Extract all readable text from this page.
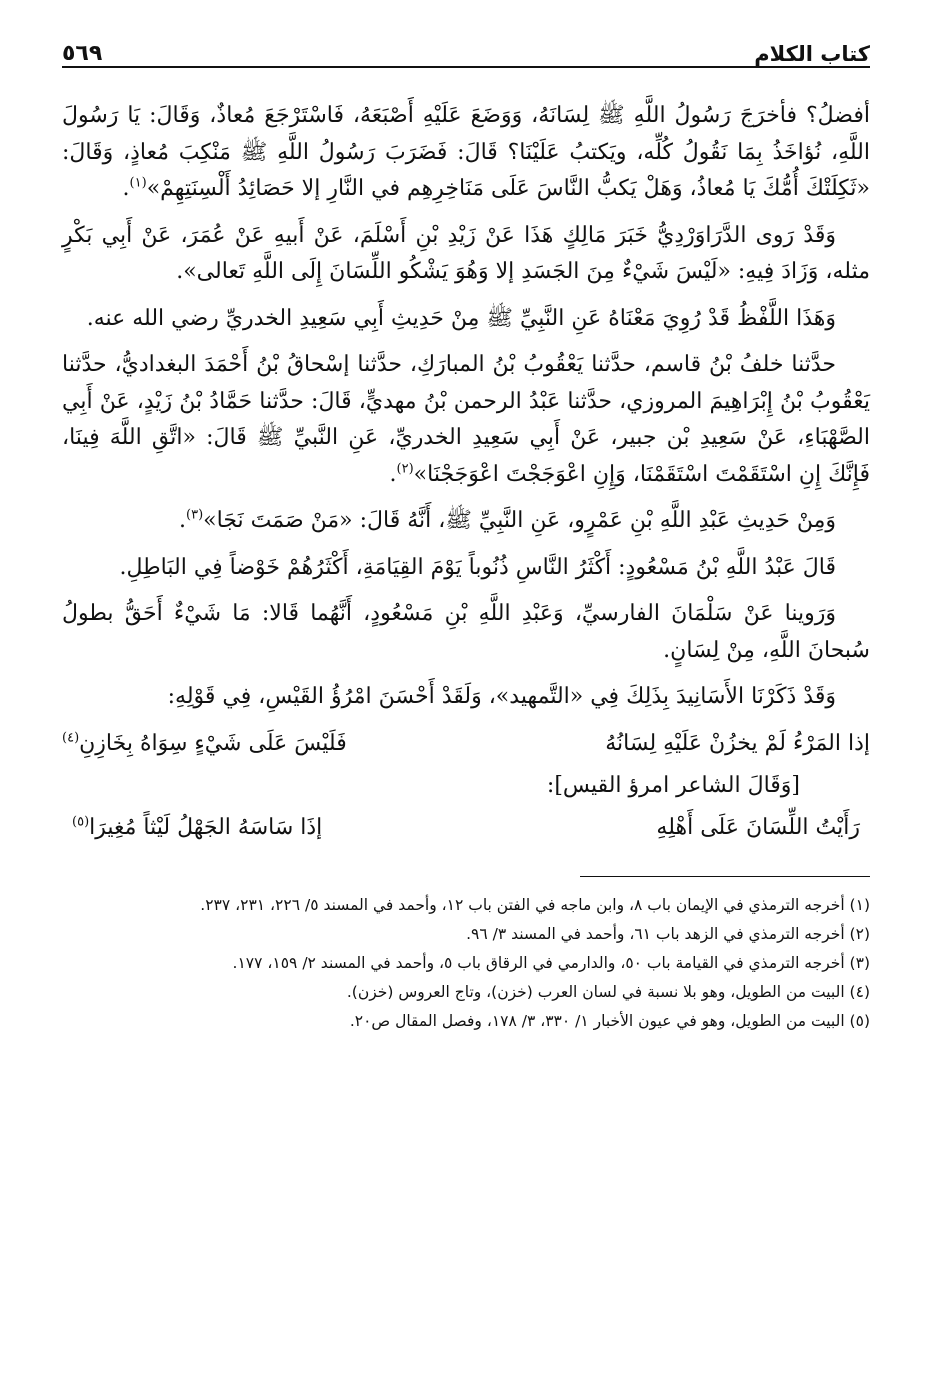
كتاب الكلام
٥٦٩

أفضلُ؟ فأخرَجَ رَسُولُ اللَّهِ ﷺ لِسَانَهُ، وَوَضَعَ عَلَيْهِ أَصْبَعَهُ، فَاسْتَرْجَعَ مُعاذٌ، وَقَالَ: يَا رَسُولَ اللَّهِ، نُؤاخَذُ بِمَا نَقُولُ كُلِّه، ويَكتبُ عَلَيْنَا؟ قَالَ: فَضَرَبَ رَسُولُ اللَّهِ ﷺ مَنْكِبَ مُعاذٍ، وَقَالَ: «ثَكِلَتْكَ أُمُّكَ يَا مُعاذُ، وَهَلْ يَكبُّ النَّاسَ عَلَى مَنَاخِرِهِم في النَّارِ إلا حَصَائِدُ أَلْسِنَتِهِمْ»$^{(١)}$.

وَقَدْ رَوى الدَّرَاوَرْدِيُّ خَبَرَ مَالِكٍ هَذَا عَنْ زَيْدِ بْنِ أَسْلَمَ، عَنْ أَبيهِ عَنْ عُمَرَ، عَنْ أَبِي بَكْرٍ مثله، وَزَادَ فِيهِ: «لَيْسَ شَيْءٌ مِنَ الجَسَدِ إلا وَهُوَ يَشْكُو اللِّسَانَ إِلَى اللَّهِ تَعالى».

وَهَذَا اللَّفْظُ قَدْ رُوِيَ مَعْنَاهُ عَنِ النَّبِيِّ ﷺ مِنْ حَدِيثِ أَبِي سَعِيدِ الخدريِّ رضي الله عنه.

حدَّثنا خلفُ بْنُ قاسم، حدَّثنا يَعْقُوبُ بْنُ المبارَكِ، حدَّثنا إسْحاقُ بْنُ أَحْمَدَ البغداديُّ، حدَّثنا يَعْقُوبُ بْنُ إِبْرَاهِيمَ المروزي، حدَّثنا عَبْدُ الرحمن بْنُ مهديٍّ، قَالَ: حدَّثنا حَمَّادُ بْنُ زَيْدٍ، عَنْ أَبِي الصَّهْبَاءِ، عَنْ سَعِيدِ بْن جبير، عَنْ أَبِي سَعِيدِ الخدريِّ، عَنِ النَّبيِّ ﷺ قَالَ: «اتَّقِ اللَّهَ فِينَا، فَإِنَّكَ إِنِ اسْتَقَمْتَ اسْتَقَمْنَا، وَإِنِ اعْوَجَجْتَ اعْوَجَجْنَا»$^{(٢)}$.

وَمِنْ حَدِيثِ عَبْدِ اللَّهِ بْنِ عَمْرٍو، عَنِ النَّبِيِّ ﷺ، أَنَّهُ قَالَ: «مَنْ صَمَتَ نَجَا»$^{(٣)}$.

قَالَ عَبْدُ اللَّهِ بْنُ مَسْعُودٍ: أَكْثَرُ النَّاسِ ذُنُوباً يَوْمَ القِيَامَةِ، أَكْثَرُهُمْ خَوْضاً فِي البَاطِلِ.

وَرَوينا عَنْ سَلْمَانَ الفارسيِّ، وَعَبْدِ اللَّهِ بْنِ مَسْعُودٍ، أَنَّهُما قَالا: مَا شَيْءٌ أَحَقُّ بطولُ سُبحانَ اللَّهِ، مِنْ لِسَانٍ.

وَقَدْ ذَكَرْنَا الأَسَانِيدَ بِذَلِكَ فِي «التَّمهيد»، وَلَقَدْ أَحْسَنَ امْرُؤُ القَيْسِ، فِي قَوْلِهِ:

إذا المَرْءُ لَمْ يخزُنْ عَلَيْهِ لِسَانُهُ
فَلَيْسَ عَلَى شَيْءٍ سِوَاهُ بِخَازِنِ$^{(٤)}$
[وَقَالَ الشاعر امرؤ القيس]:
رَأَيْتُ اللِّسَانَ عَلَى أَهْلِهِ
إذَا سَاسَهُ الجَهْلُ لَيْثاً مُغِيرَا$^{(٥)}$

(١) أخرجه الترمذي في الإيمان باب ٨، وابن ماجه في الفتن باب ١٢، وأحمد في المسند ٥/ ٢٢٦، ٢٣١، ٢٣٧.

(٢) أخرجه الترمذي في الزهد باب ٦١، وأحمد في المسند ٣/ ٩٦.

(٣) أخرجه الترمذي في القيامة باب ٥٠، والدارمي في الرقاق باب ٥، وأحمد في المسند ٢/ ١٥٩، ١٧٧.

(٤) البيت من الطويل، وهو بلا نسبة في لسان العرب (خزن)، وتاج العروس (خزن).

(٥) البيت من الطويل، وهو في عيون الأخبار ١/ ٣٣٠، ٣/ ١٧٨، وفصل المقال ص٢٠.
